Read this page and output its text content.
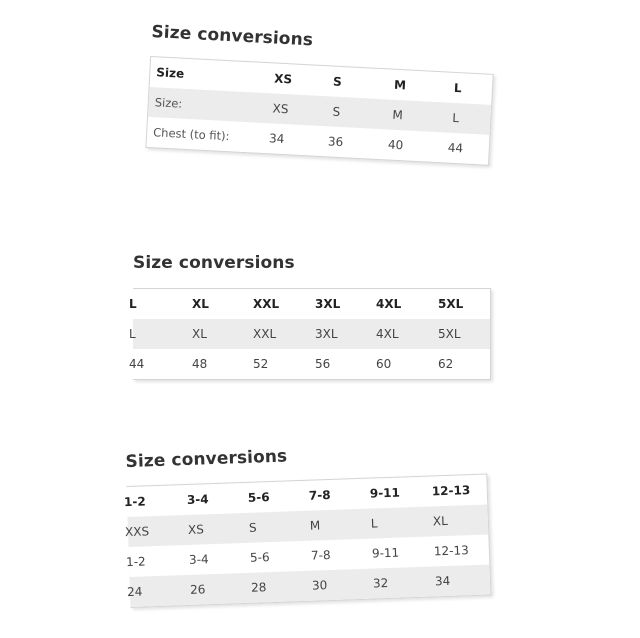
Size conversions
Size	XS	S	M	L
Size:	XS	S	M	L
Chest (to fit):	34	36	40	44
Size conversions
L	XL	XXL	3XL	4XL	5XL
L	XL	XXL	3XL	4XL	5XL
44	48	52	56	60	62
Size conversions
1-2	3-4	5-6	7-8	9-11	12-13
XXS	XS	S	M	L	XL
1-2	3-4	5-6	7-8	9-11	12-13
24	26	28	30	32	34
